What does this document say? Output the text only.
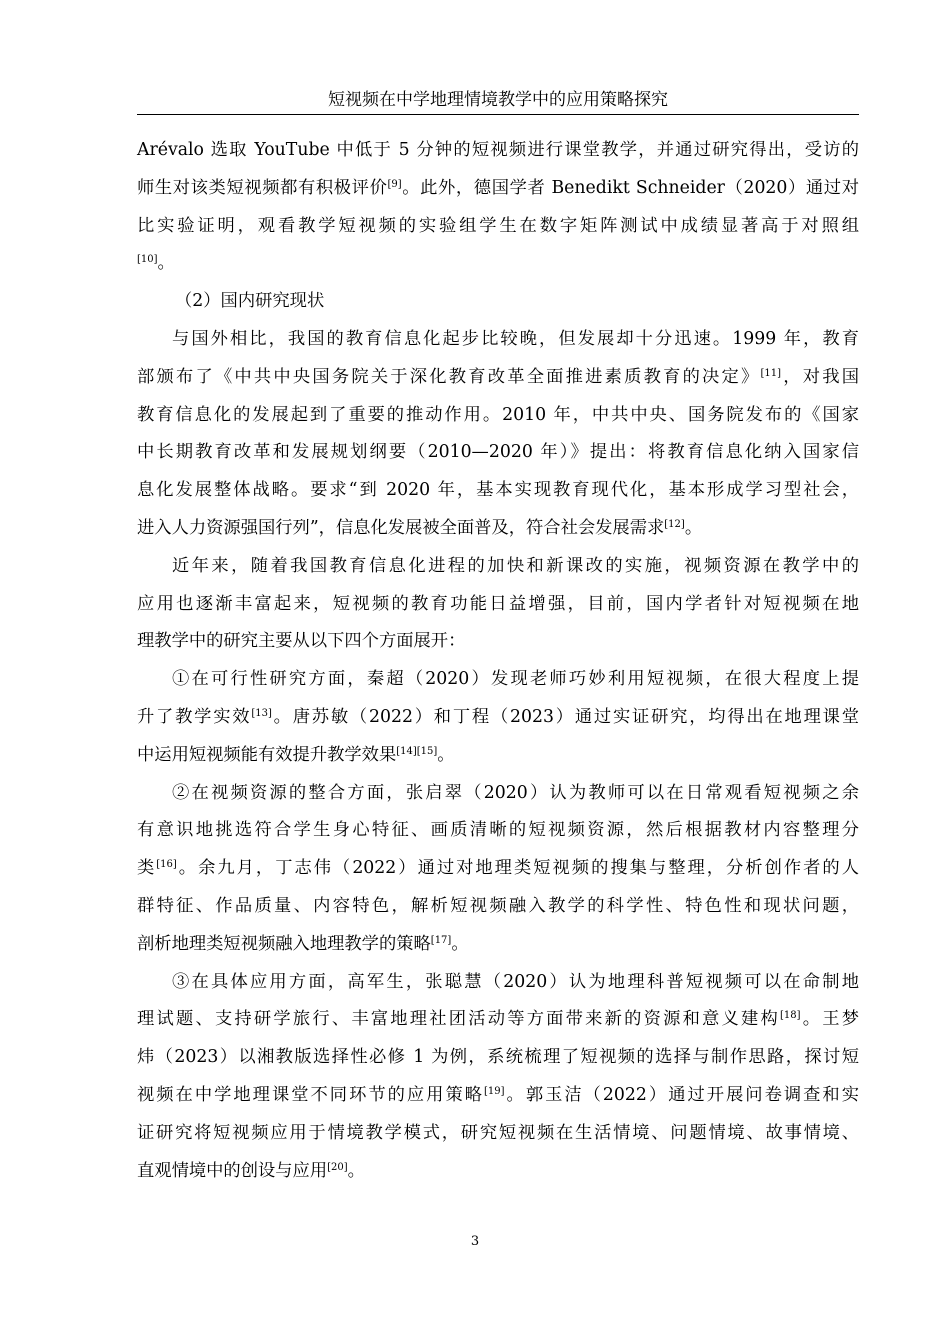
短视频在中学地理情境教学中的应用策略探究
Arévalo 选取 YouTube 中低于 5 分钟的短视频进行课堂教学，并通过研究得出，受访的
师生对该类短视频都有积极评价[9]。此外，德国学者 Benedikt Schneider（2020）通过对
比实验证明，观看教学短视频的实验组学生在数字矩阵测试中成绩显著高于对照组
[10]。
（2）国内研究现状
与国外相比，我国的教育信息化起步比较晚，但发展却十分迅速。1999 年，教育
部颁布了《中共中央国务院关于深化教育改革全面推进素质教育的决定》[11]，对我国
教育信息化的发展起到了重要的推动作用。2010 年，中共中央、国务院发布的《国家
中长期教育改革和发展规划纲要（2010—2020 年）》提出：将教育信息化纳入国家信
息化发展整体战略。要求“到 2020 年，基本实现教育现代化，基本形成学习型社会，
进入人力资源强国行列”，信息化发展被全面普及，符合社会发展需求[12]。
近年来，随着我国教育信息化进程的加快和新课改的实施，视频资源在教学中的
应用也逐渐丰富起来，短视频的教育功能日益增强，目前，国内学者针对短视频在地
理教学中的研究主要从以下四个方面展开：
①在可行性研究方面，秦超（2020）发现老师巧妙利用短视频，在很大程度上提
升了教学实效[13]。唐苏敏（2022）和丁程（2023）通过实证研究，均得出在地理课堂
中运用短视频能有效提升教学效果[14][15]。
②在视频资源的整合方面，张启翠（2020）认为教师可以在日常观看短视频之余
有意识地挑选符合学生身心特征、画质清晰的短视频资源，然后根据教材内容整理分
类[16]。余九月，丁志伟（2022）通过对地理类短视频的搜集与整理，分析创作者的人
群特征、作品质量、内容特色，解析短视频融入教学的科学性、特色性和现状问题，
剖析地理类短视频融入地理教学的策略[17]。
③在具体应用方面，高军生，张聪慧（2020）认为地理科普短视频可以在命制地
理试题、支持研学旅行、丰富地理社团活动等方面带来新的资源和意义建构[18]。王梦
炜（2023）以湘教版选择性必修 1 为例，系统梳理了短视频的选择与制作思路，探讨短
视频在中学地理课堂不同环节的应用策略[19]。郭玉洁（2022）通过开展问卷调查和实
证研究将短视频应用于情境教学模式，研究短视频在生活情境、问题情境、故事情境、
直观情境中的创设与应用[20]。
3
